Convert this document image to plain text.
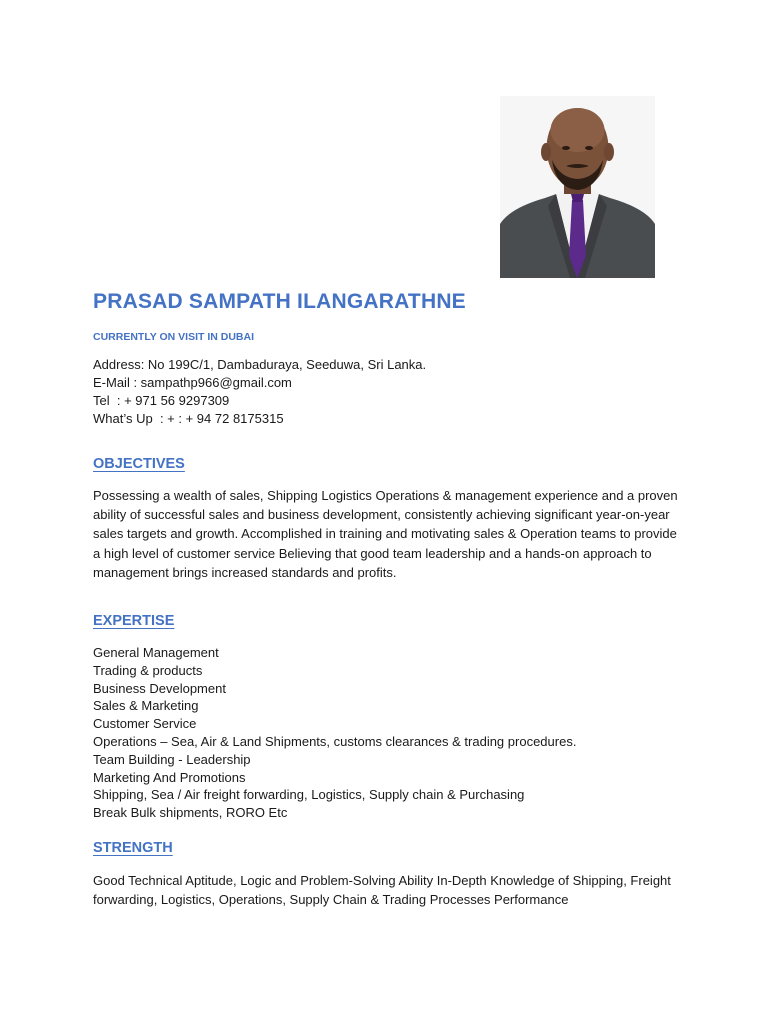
PRASAD SAMPATH ILANGARATHNE

CURRENTLY ON VISIT IN DUBAI

Address: No 199C/1, Dambaduraya, Seeduwa, Sri Lanka.
E-Mail : sampathp966@gmail.com
Tel  : + 971 56 9297309
What’s Up  : + : + 94 72 8175315
OBJECTIVES

Possessing a wealth of sales, Shipping Logistics Operations & management experience and a proven ability of successful sales and business development, consistently achieving significant year-on-year sales targets and growth. Accomplished in training and motivating sales & Operation teams to provide a high level of customer service Believing that good team leadership and a hands-on approach to management brings increased standards and profits.

EXPERTISE
General Management
Trading & products
Business Development
Sales & Marketing
Customer Service
Operations – Sea, Air & Land Shipments, customs clearances & trading procedures.
Team Building - Leadership
Marketing And Promotions
Shipping, Sea / Air freight forwarding, Logistics, Supply chain & Purchasing
Break Bulk shipments, RORO Etc
STRENGTH

Good Technical Aptitude, Logic and Problem-Solving Ability In-Depth Knowledge of Shipping, Freight forwarding, Logistics, Operations, Supply Chain & Trading Processes Performance
